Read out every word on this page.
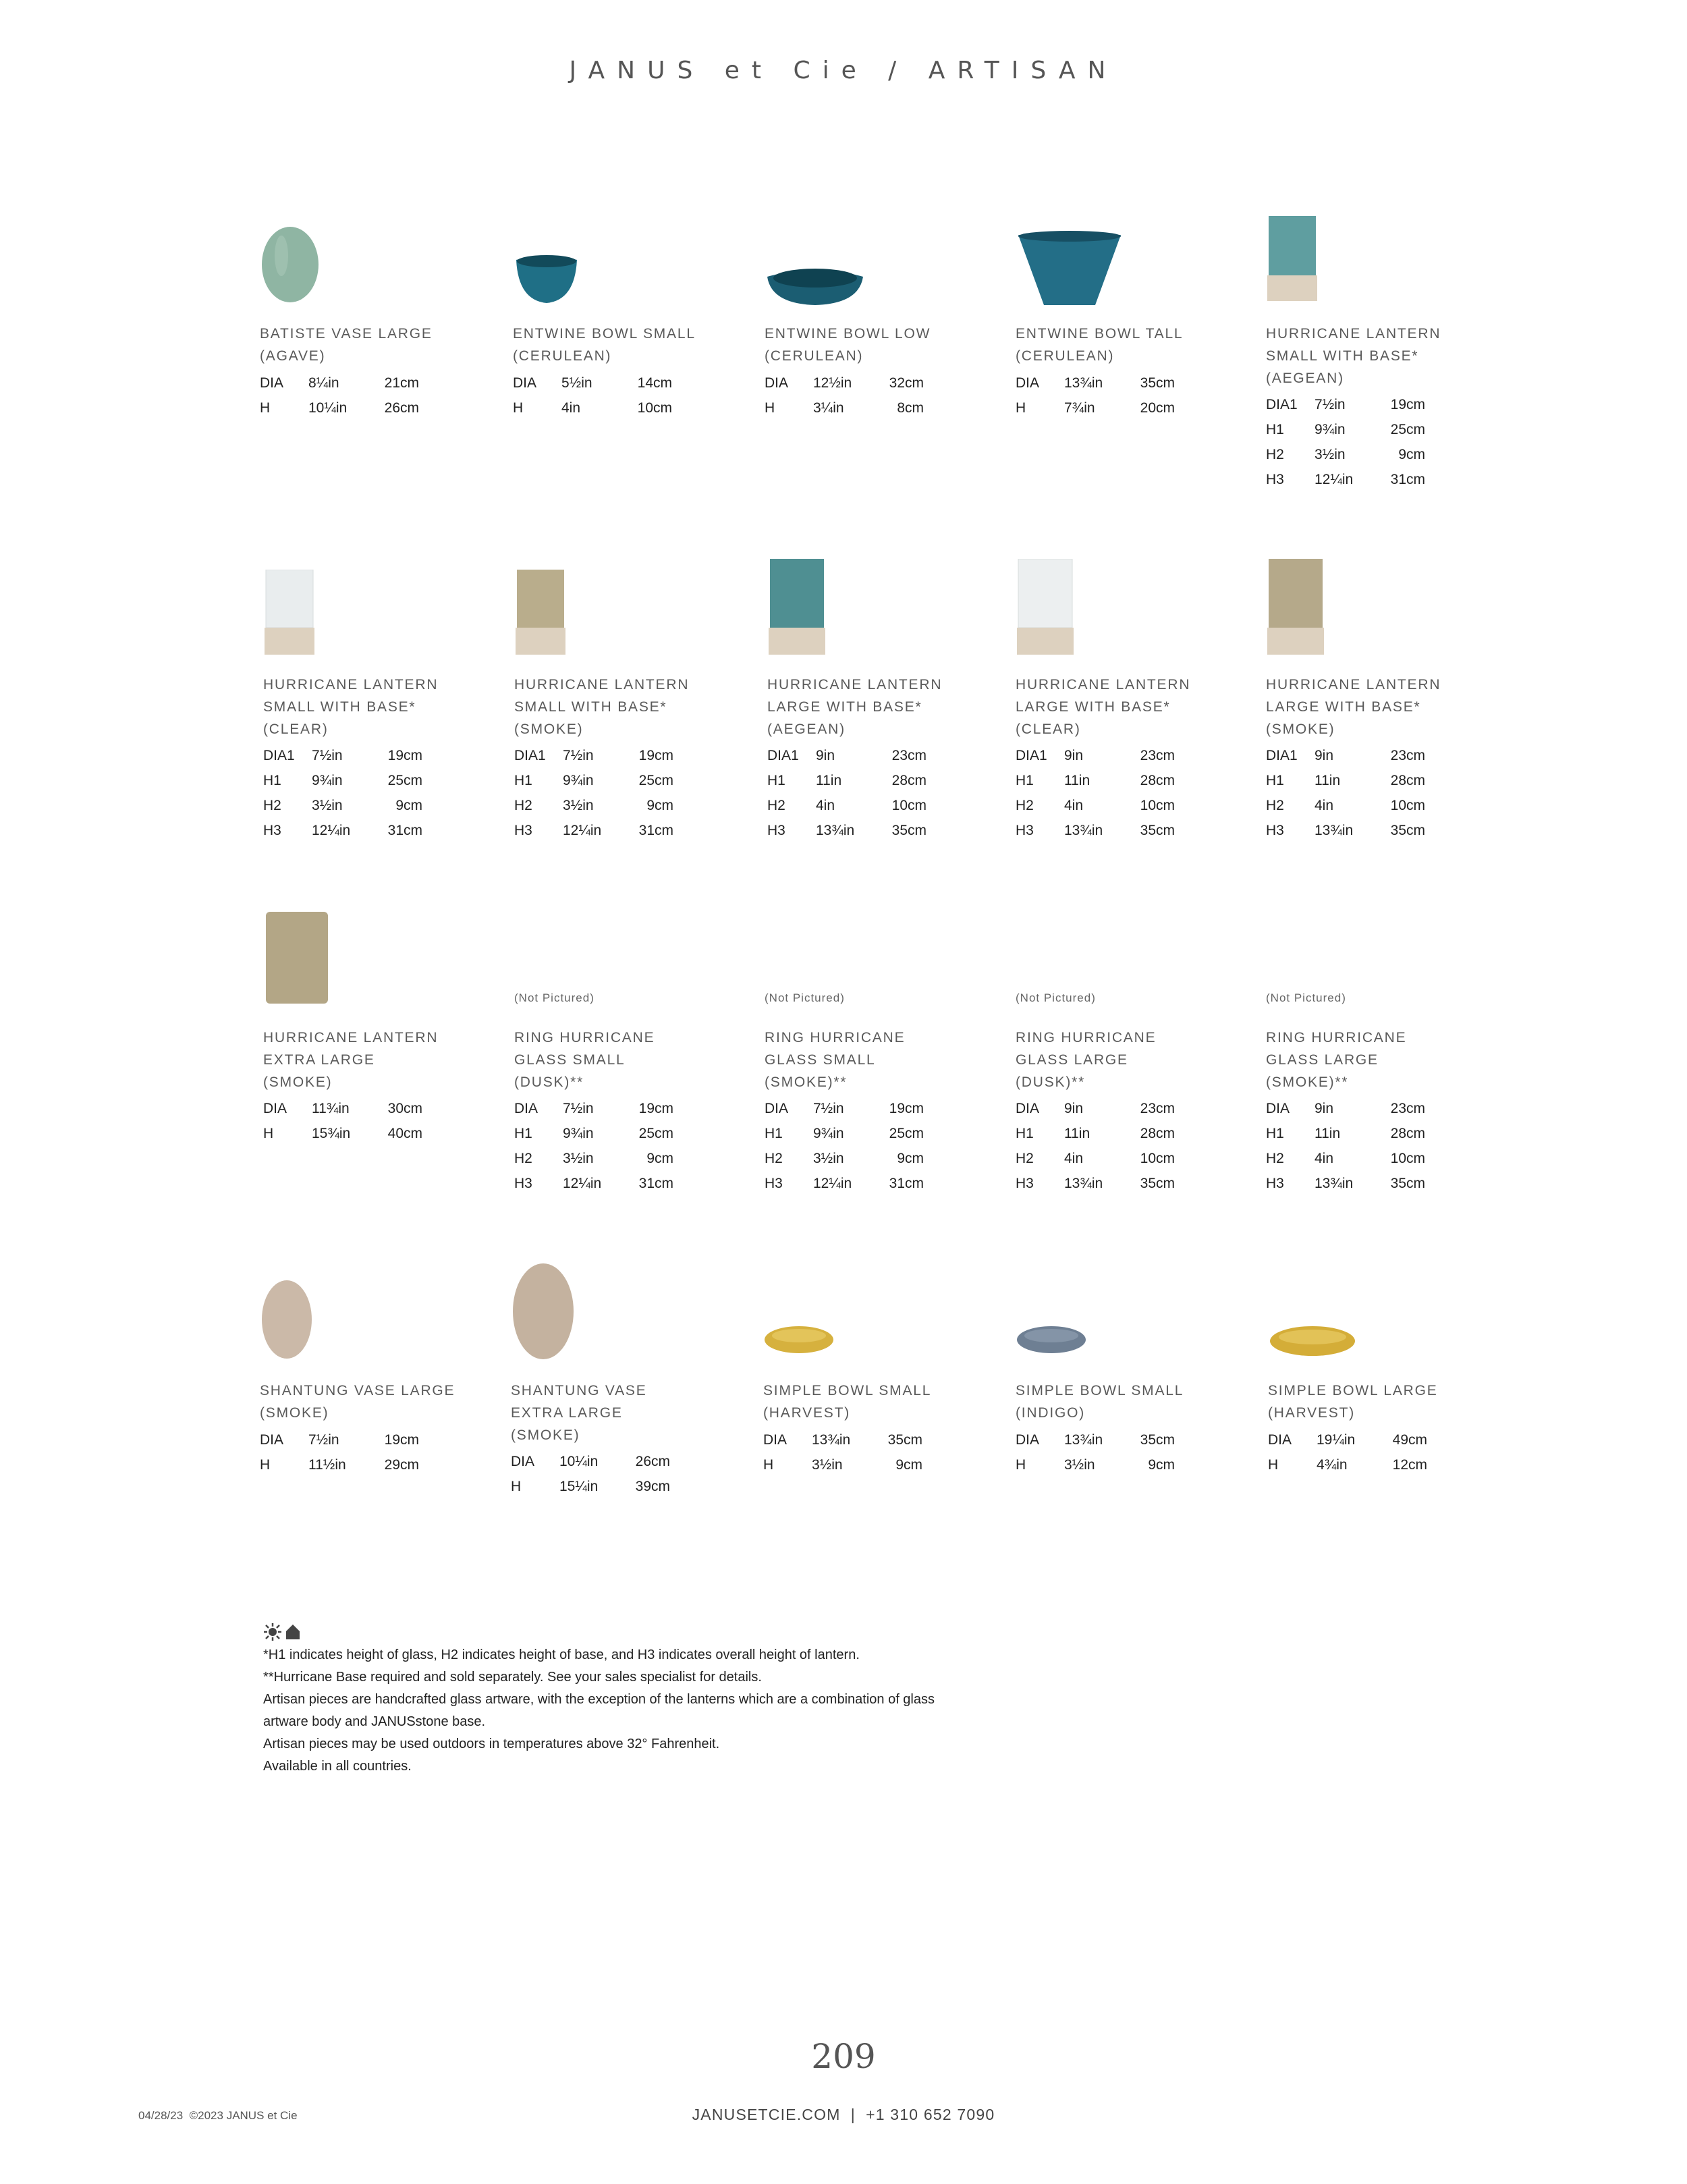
JANUS et Cie / ARTISAN
BATISTE VASE LARGE
(AGAVE)
DIA 8¼in	21cm
H	10¼in	26cm
ENTWINE BOWL SMALL
(CERULEAN)
DIA 5½in	14cm
H	4in	10cm
ENTWINE BOWL LOW
(CERULEAN)
DIA 12½in	32cm
H	3¼in	8cm
ENTWINE BOWL TALL
(CERULEAN)
DIA 13¾in	35cm
H	7¾in	20cm
HURRICANE LANTERN
SMALL WITH BASE*
(AEGEAN)
DIA1 7½in	19cm
H1 9¾in	25cm
H2 3½in	9cm
H3 12¼in	31cm
HURRICANE LANTERN
SMALL WITH BASE*
(CLEAR)
DIA1 7½in	19cm
H1 9¾in	25cm
H2 3½in	9cm
H3 12¼in	31cm
HURRICANE LANTERN
SMALL WITH BASE*
(SMOKE)
DIA1 7½in	19cm
H1 9¾in	25cm
H2 3½in	9cm
H3 12¼in	31cm
HURRICANE LANTERN
LARGE WITH BASE*
(AEGEAN)
DIA1 9in	23cm
H1 11in	28cm
H2 4in	10cm
H3 13¾in	35cm
HURRICANE LANTERN
LARGE WITH BASE*
(CLEAR)
DIA1 9in	23cm
H1 11in	28cm
H2 4in	10cm
H3 13¾in	35cm
HURRICANE LANTERN
LARGE WITH BASE*
(SMOKE)
DIA1 9in	23cm
H1 11in	28cm
H2 4in	10cm
H3 13¾in	35cm
HURRICANE LANTERN
EXTRA LARGE
(SMOKE)
DIA 11¾in	30cm
H	15¾in	40cm
(Not Pictured)
RING HURRICANE
GLASS SMALL
(DUSK)**
DIA 7½in	19cm
H1 9¾in	25cm
H2 3½in	9cm
H3 12¼in	31cm
(Not Pictured)
RING HURRICANE
GLASS SMALL
(SMOKE)**
DIA 7½in	19cm
H1 9¾in	25cm
H2 3½in	9cm
H3 12¼in	31cm
(Not Pictured)
RING HURRICANE
GLASS LARGE
(DUSK)**
DIA 9in	23cm
H1 11in	28cm
H2 4in	10cm
H3 13¾in	35cm
(Not Pictured)
RING HURRICANE
GLASS LARGE
(SMOKE)**
DIA 9in	23cm
H1 11in	28cm
H2 4in	10cm
H3 13¾in	35cm
SHANTUNG VASE LARGE
(SMOKE)
DIA 7½in	19cm
H	11½in	29cm
SHANTUNG VASE
EXTRA LARGE
(SMOKE)
DIA 10¼in	26cm
H	15¼in	39cm
SIMPLE BOWL SMALL
(HARVEST)
DIA 13¾in	35cm
H	3½in	9cm
SIMPLE BOWL SMALL
(INDIGO)
DIA 13¾in	35cm
H	3½in	9cm
SIMPLE BOWL LARGE
(HARVEST)
DIA 19¼in	49cm
H	4¾in	12cm
*H1 indicates height of glass, H2 indicates height of base, and H3 indicates overall height of lantern.
**Hurricane Base required and sold separately. See your sales specialist for details.
Artisan pieces are handcrafted glass artware, with the exception of the lanterns which are a combination of glass
artware body and JANUSstone base.
Artisan pieces may be used outdoors in temperatures above 32° Fahrenheit.
Available in all countries.
209
04/28/23  ©2023 JANUS et Cie	JANUSETCIE.COM  |  +1 310 652 7090
